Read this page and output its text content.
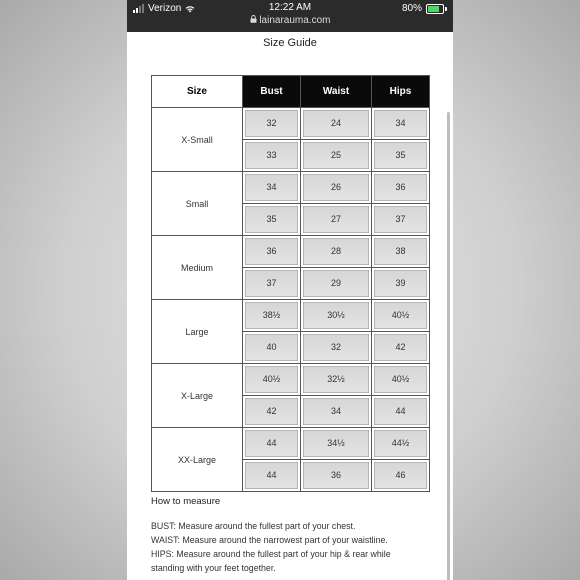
Verizon	12:22 AM
lainarauma.com
80%
Size Guide
Size	Bust	Waist	Hips
X-Small	32	24	34

	33	25	35

Small	34	26	36

	35	27	37

Medium	36	28	38

	37	29	39

Large	38½	30½	40½

	40	32	42

X-Large	40½	32½	40½

	42	34	44

XX-Large	44	34½	44½

	44	36	46
How to measure
BUST: Measure around the fullest part of your chest.
WAIST: Measure around the narrowest part of your waistline.
HIPS: Measure around the fullest part of your hip & rear while
standing with your feet together.
